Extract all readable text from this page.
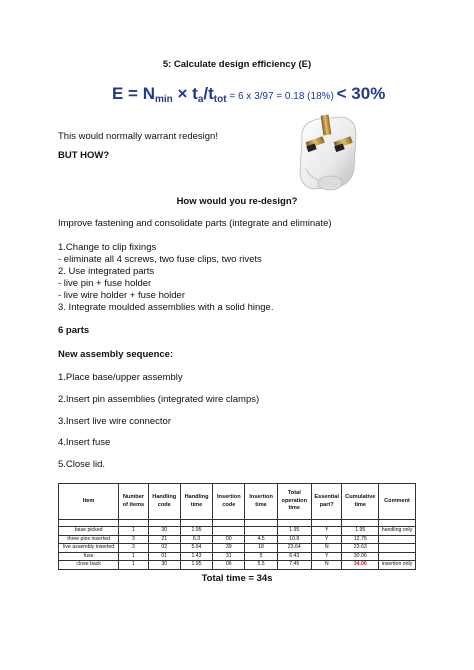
5: Calculate design efficiency (E)
$E = N_{min} \times t_a/t_{tot} = 6$ x 3/97 = 0.18 (18%) < 30%
This would normally warrant redesign!
BUT HOW?
How would you re-design?
Improve fastening and consolidate parts (integrate and eliminate)
1.Change to clip fixings
- eliminate all 4 screws, two fuse clips, two rivets
2. Use integrated parts
- live pin + fuse holder
- live wire holder + fuse holder
3. Integrate moulded assemblies with a solid hinge.
6 parts
New assembly sequence:
1.Place base/upper assembly
2.Insert pin assemblies (integrated wire clamps)
3.Insert live wire connector
4.Insert fuse
5.Close lid.
Item	Number of items	Handling code	Handling time	Insertion code	Insertion time	Total operation time	Essential part?	Cumulative time	Comment

base picked	1	30	1.95			1.95	Y	1.95	handling only
three pins inserted	3	21	6.3	00	4.5	10.8	Y	12.75	
live assembly inserted	3	02	5.64	39	18	23.64	N	23.63	
fuse	1	01	1.43	31	5	6.43	Y	30.06	
close back	1	30	1.95	06	5.5	7.45	N	34.06	insertion only
Total time = 34s
